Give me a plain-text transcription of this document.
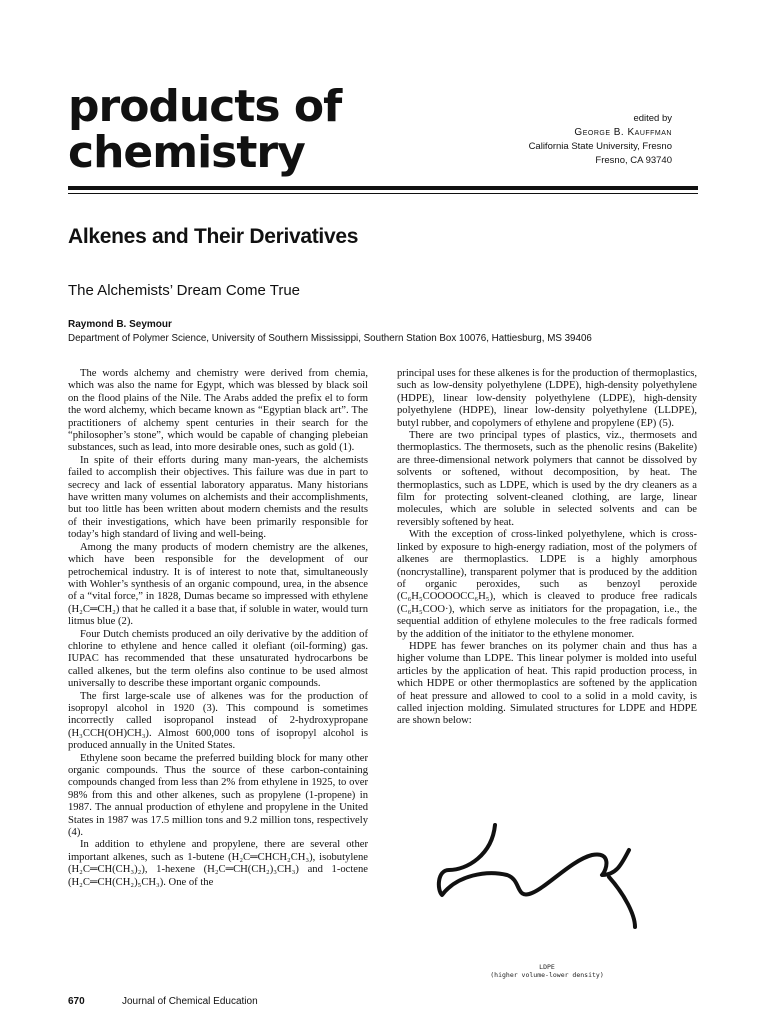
products of
chemistry
edited by
George B. Kauffman
California State University, Fresno
Fresno, CA 93740
Alkenes and Their Derivatives
The Alchemists’ Dream Come True
Raymond B. Seymour
Department of Polymer Science, University of Southern Mississippi, Southern Station Box 10076, Hattiesburg, MS 39406

The words alchemy and chemistry were derived from chemia, which was also the name for Egypt, which was blessed by black soil on the flood plains of the Nile. The Arabs added the prefix el to form the word alchemy, which became known as “Egyptian black art”. The practitioners of alchemy spent centuries in their search for the “philosopher’s stone”, which would be capable of changing plebeian substances, such as lead, into more desirable ones, such as gold (1).

In spite of their efforts during many man-years, the alchemists failed to accomplish their objectives. This failure was due in part to secrecy and lack of essential laboratory apparatus. Many historians have written many volumes on alchemists and their accomplishments, but too little has been written about modern chemists and the results of their investigations, which have been primarily responsible for today’s high standard of living and well-being.

Among the many products of modern chemistry are the alkenes, which have been responsible for the development of our petrochemical industry. It is of interest to note that, simultaneously with Wohler’s synthesis of an organic compound, urea, in the absence of a “vital force,” in 1828, Dumas became so impressed with ethylene (H₂C═CH₂) that he called it a base that, if soluble in water, would turn litmus blue (2).

Four Dutch chemists produced an oily derivative by the addition of chlorine to ethylene and hence called it olefiant (oil-forming) gas. IUPAC has recommended that these unsaturated hydrocarbons be called alkenes, but the term olefins also continue to be used almost universally to describe these important organic compounds.

The first large-scale use of alkenes was for the production of isopropyl alcohol in 1920 (3). This compound is sometimes incorrectly called isopropanol instead of 2-hydroxypropane (H₃CCH(OH)CH₃). Almost 600,000 tons of isopropyl alcohol is produced annually in the United States.

Ethylene soon became the preferred building block for many other organic compounds. Thus the source of these carbon-containing compounds changed from less than 2% from ethylene in 1925, to over 98% from this and other alkenes, such as propylene (1-propene) in 1987. The annual production of ethylene and propylene in the United States in 1987 was 17.5 million tons and 9.2 million tons, respectively (4).

In addition to ethylene and propylene, there are several other important alkenes, such as 1-butene (H₂C═CHCH₂CH₃), isobutylene (H₂C═CH(CH₃)₂), 1-hexene (H₂C═CH(CH₂)₃CH₃) and 1-octene (H₂C═CH(CH₂)₅CH₃). One of the

principal uses for these alkenes is for the production of thermoplastics, such as low-density polyethylene (LDPE), high-density polyethylene (HDPE), linear low-density polyethylene (LDPE), high-density polyethylene (HDPE), linear low-density polyethylene (LLDPE), butyl rubber, and copolymers of ethylene and propylene (EP) (5).

There are two principal types of plastics, viz., thermosets and thermoplastics. The thermosets, such as the phenolic resins (Bakelite) are three-dimensional network polymers that cannot be dissolved by solvents or softened, without decomposition, by heat. The thermoplastics, such as LDPE, which is used by the dry cleaners as a film for protecting solvent-cleaned clothing, are large, linear molecules, which are soluble in selected solvents and can be reversibly softened by heat.

With the exception of cross-linked polyethylene, which is cross-linked by exposure to high-energy radiation, most of the polymers of alkenes are thermoplastics. LDPE is a highly amorphous (noncrystalline), transparent polymer that is produced by the addition of organic peroxides, such as benzoyl peroxide (C₆H₅COOOOCC₆H₅), which is cleaved to produce free radicals (C₆H₅COO·), which serve as initiators for the propagation, i.e., the sequential addition of ethylene molecules to the free radicals formed by the addition of the initiator to the ethylene monomer.

HDPE has fewer branches on its polymer chain and thus has a higher volume than LDPE. This linear polymer is molded into useful articles by the application of heat. This rapid production process, in which HDPE or other thermoplastics are softened by the application of heat pressure and allowed to cool to a solid in a mold cavity, is called injection molding. Simulated structures for LDPE and HDPE are shown below:

LDPE
(higher volume-lower density)
670	Journal of Chemical Education
